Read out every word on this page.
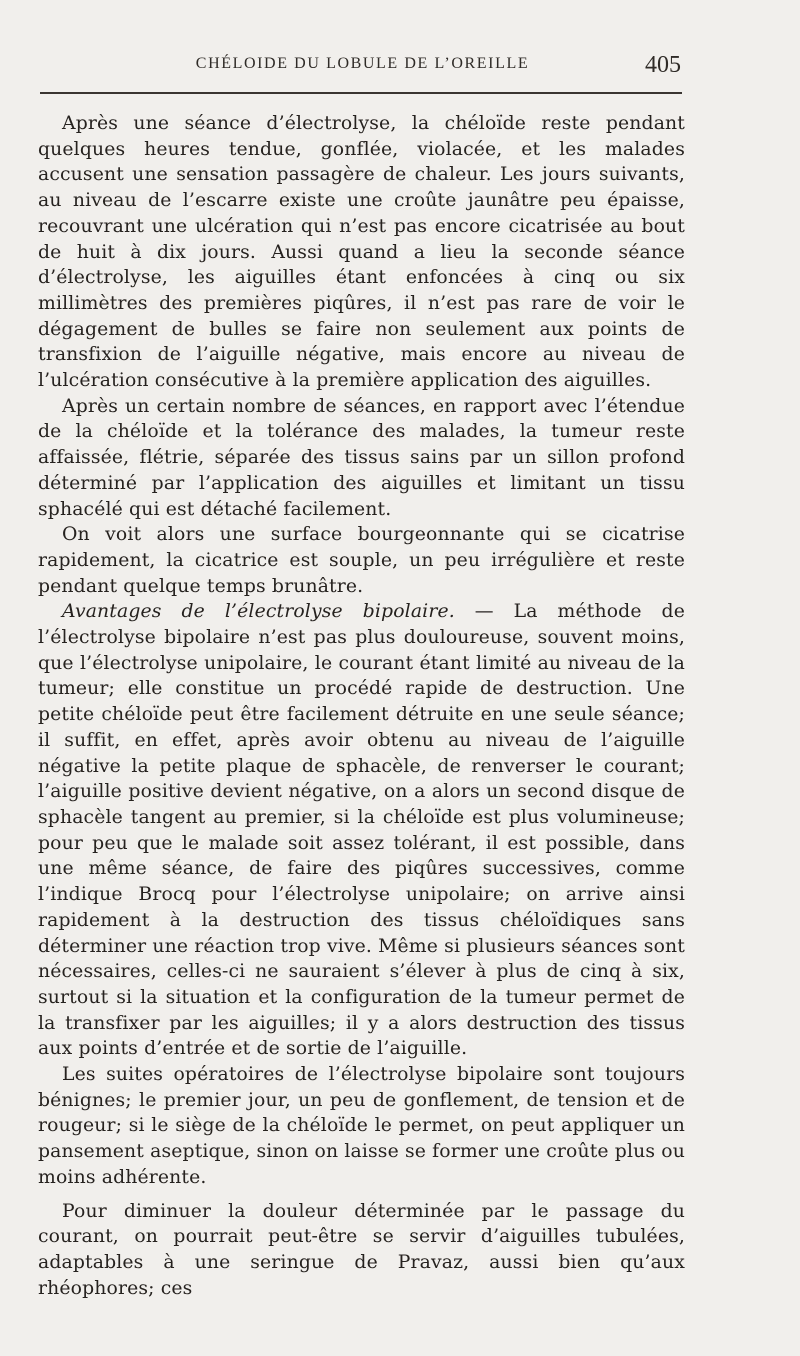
CHÉLOIDE DU LOBULE DE L’OREILLE	405

Après une séance d’électrolyse, la chéloïde reste pendant quelques heures tendue, gonflée, violacée, et les malades accusent une sensation passagère de chaleur. Les jours suivants, au niveau de l’escarre existe une croûte jaunâtre peu épaisse, recouvrant une ulcération qui n’est pas encore cicatrisée au bout de huit à dix jours. Aussi quand a lieu la seconde séance d’électrolyse, les aiguilles étant enfoncées à cinq ou six millimètres des premières piqûres, il n’est pas rare de voir le dégagement de bulles se faire non seulement aux points de transfixion de l’aiguille négative, mais encore au niveau de l’ulcération consécutive à la première application des aiguilles.

Après un certain nombre de séances, en rapport avec l’étendue de la chéloïde et la tolérance des malades, la tumeur reste affaissée, flétrie, séparée des tissus sains par un sillon profond déterminé par l’application des aiguilles et limitant un tissu sphacélé qui est détaché facilement.

On voit alors une surface bourgeonnante qui se cicatrise rapidement, la cicatrice est souple, un peu irrégulière et reste pendant quelque temps brunâtre.

Avantages de l’électrolyse bipolaire. — La méthode de l’électrolyse bipolaire n’est pas plus douloureuse, souvent moins, que l’électrolyse unipolaire, le courant étant limité au niveau de la tumeur; elle constitue un procédé rapide de destruction. Une petite chéloïde peut être facilement détruite en une seule séance; il suffit, en effet, après avoir obtenu au niveau de l’aiguille négative la petite plaque de sphacèle, de renverser le courant; l’aiguille positive devient négative, on a alors un second disque de sphacèle tangent au premier, si la chéloïde est plus volumineuse; pour peu que le malade soit assez tolérant, il est possible, dans une même séance, de faire des piqûres successives, comme l’indique Brocq pour l’électrolyse unipolaire; on arrive ainsi rapidement à la destruction des tissus chéloïdiques sans déterminer une réaction trop vive. Même si plusieurs séances sont nécessaires, celles-ci ne sauraient s’élever à plus de cinq à six, surtout si la situation et la configuration de la tumeur permet de la transfixer par les aiguilles; il y a alors destruction des tissus aux points d’entrée et de sortie de l’aiguille.

Les suites opératoires de l’électrolyse bipolaire sont toujours bénignes; le premier jour, un peu de gonflement, de tension et de rougeur; si le siège de la chéloïde le permet, on peut appliquer un pansement aseptique, sinon on laisse se former une croûte plus ou moins adhérente.

Pour diminuer la douleur déterminée par le passage du courant, on pourrait peut-être se servir d’aiguilles tubulées, adaptables à une seringue de Pravaz, aussi bien qu’aux rhéophores; ces
